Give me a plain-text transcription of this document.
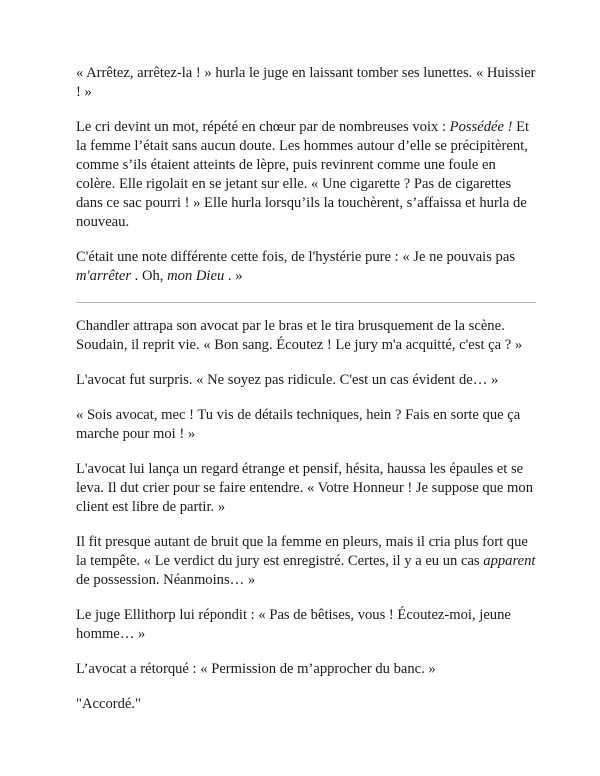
« Arrêtez, arrêtez-la ! » hurla le juge en laissant tomber ses lunettes. « Huissier ! »

Le cri devint un mot, répété en chœur par de nombreuses voix : Possédée ! Et la femme l’était sans aucun doute. Les hommes autour d’elle se précipitèrent, comme s’ils étaient atteints de lèpre, puis revinrent comme une foule en colère. Elle rigolait en se jetant sur elle. « Une cigarette ? Pas de cigarettes dans ce sac pourri ! » Elle hurla lorsqu’ils la touchèrent, s’affaissa et hurla de nouveau.

C'était une note différente cette fois, de l'hystérie pure : « Je ne pouvais pas m'arrêter . Oh, mon Dieu . »

Chandler attrapa son avocat par le bras et le tira brusquement de la scène. Soudain, il reprit vie. « Bon sang. Écoutez ! Le jury m'a acquitté, c'est ça ? »

L'avocat fut surpris. « Ne soyez pas ridicule. C'est un cas évident de… »

« Sois avocat, mec ! Tu vis de détails techniques, hein ? Fais en sorte que ça marche pour moi ! »

L'avocat lui lança un regard étrange et pensif, hésita, haussa les épaules et se leva. Il dut crier pour se faire entendre. « Votre Honneur ! Je suppose que mon client est libre de partir. »

Il fit presque autant de bruit que la femme en pleurs, mais il cria plus fort que la tempête. « Le verdict du jury est enregistré. Certes, il y a eu un cas apparent de possession. Néanmoins… »

Le juge Ellithorp lui répondit : « Pas de bêtises, vous ! Écoutez-moi, jeune homme… »

L’avocat a rétorqué : « Permission de m’approcher du banc. »

"Accordé."
